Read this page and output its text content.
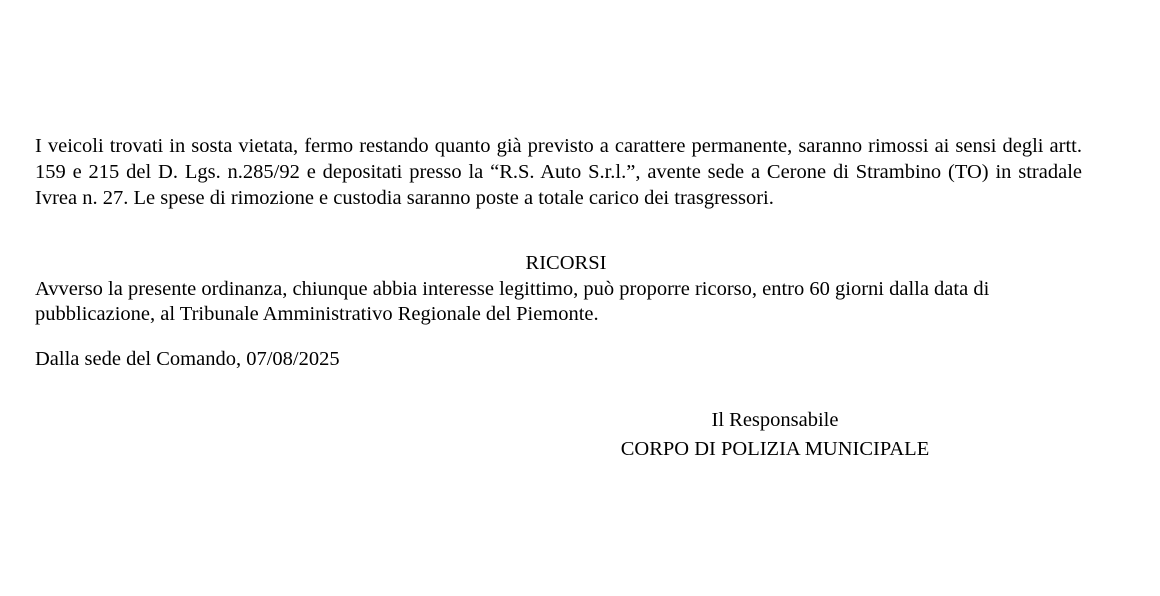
I veicoli trovati in sosta vietata, fermo restando quanto già previsto a carattere permanente, saranno rimossi ai sensi degli artt. 159 e 215 del D. Lgs. n.285/92 e depositati presso la “R.S. Auto S.r.l.”, avente sede a Cerone di Strambino (TO) in stradale Ivrea n. 27. Le spese di rimozione e custodia saranno poste a totale carico dei trasgressori.

RICORSI

Avverso la presente ordinanza, chiunque abbia interesse legittimo, può proporre ricorso, entro 60 giorni dalla data di pubblicazione, al Tribunale Amministrativo Regionale del Piemonte.

Dalla sede del Comando, 07/08/2025

Il Responsabile
CORPO DI POLIZIA MUNICIPALE
